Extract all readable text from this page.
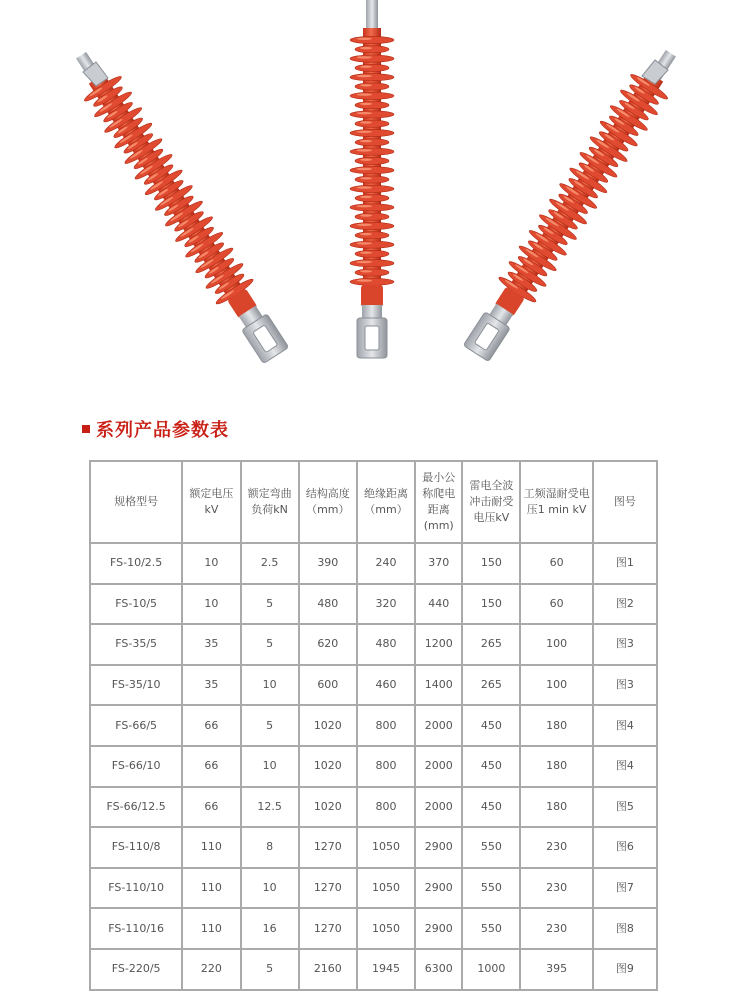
系列产品参数表
规格型号	额定电压kV	额定弯曲负荷kN	结构高度（mm）	绝缘距离（mm）	最小公称爬电距离(mm)	雷电全波冲击耐受电压kV	工频湿耐受电压1 min kV	图号
FS-10/2.5	10	2.5	390	240	370	150	60	图1
FS-10/5	10	5	480	320	440	150	60	图2
FS-35/5	35	5	620	480	1200	265	100	图3
FS-35/10	35	10	600	460	1400	265	100	图3
FS-66/5	66	5	1020	800	2000	450	180	图4
FS-66/10	66	10	1020	800	2000	450	180	图4
FS-66/12.5	66	12.5	1020	800	2000	450	180	图5
FS-110/8	110	8	1270	1050	2900	550	230	图6
FS-110/10	110	10	1270	1050	2900	550	230	图7
FS-110/16	110	16	1270	1050	2900	550	230	图8
FS-220/5	220	5	2160	1945	6300	1000	395	图9
